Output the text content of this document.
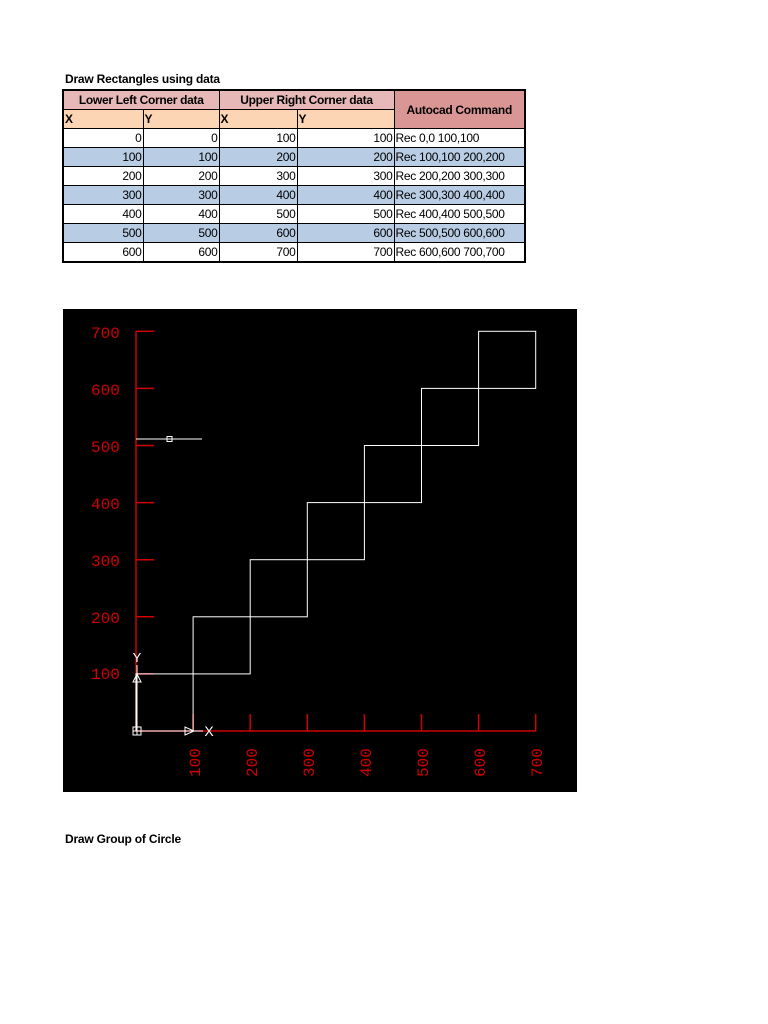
Draw Rectangles using data
Lower Left Corner data		Upper Right Corner data		Autocad Command
X	Y	X	Y	
0	0	100	100	Rec 0,0 100,100
100	100	200	200	Rec 100,100 200,200
200	200	300	300	Rec 200,200 300,300
300	300	400	400	Rec 300,300 400,400
400	400	500	500	Rec 400,400 500,500
500	500	600	600	Rec 500,500 600,600
600	600	700	700	Rec 600,600 700,700
700
600
500
400
300
200
100
100 200 300 400 500 600 700
Y
X
Draw Group of Circle
